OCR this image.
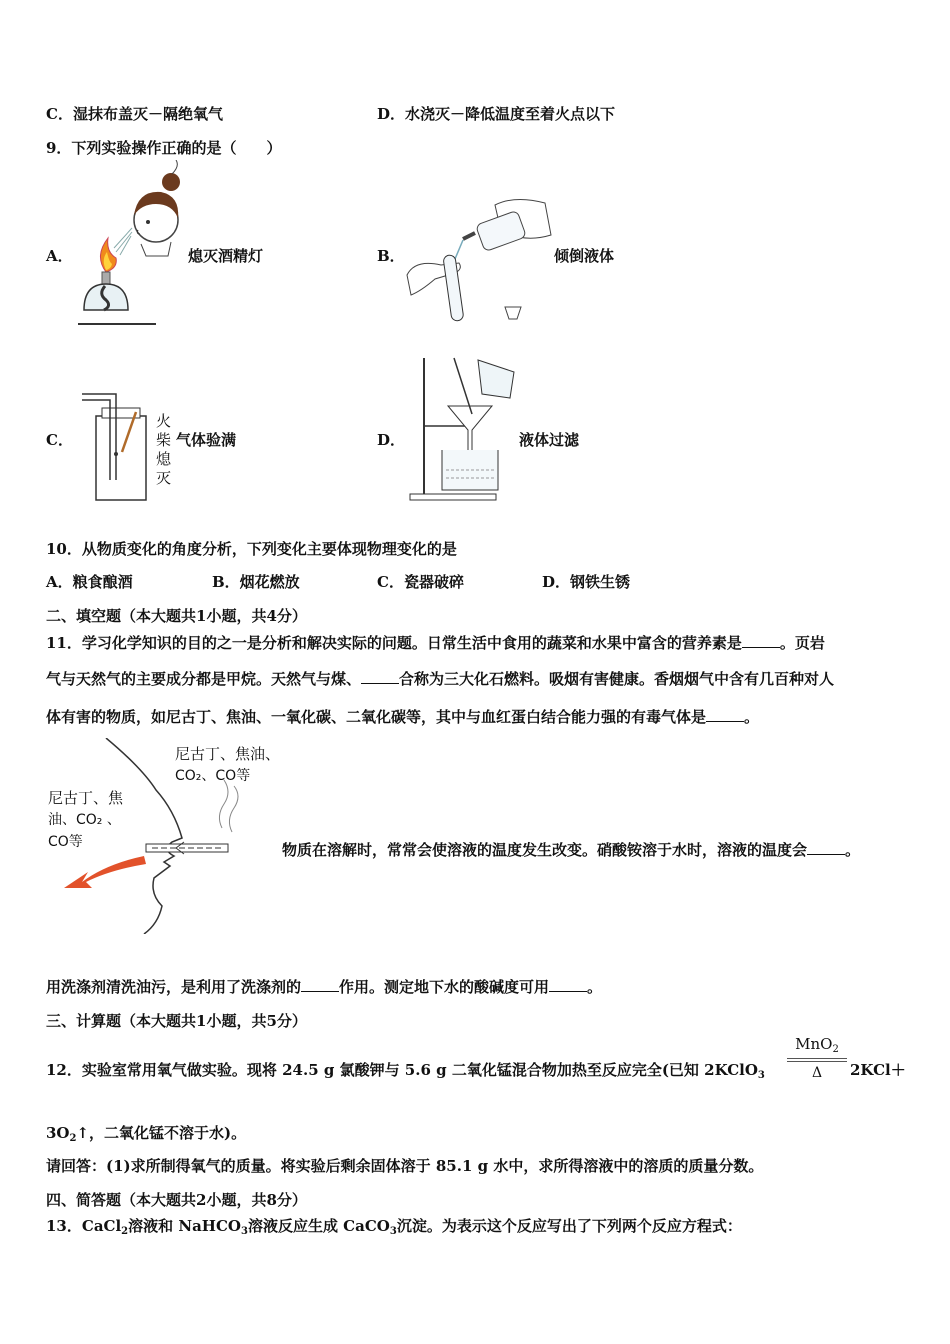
C．湿抹布盖灭－隔绝氧气	D．水浇灭－降低温度至着火点以下
9．下列实验操作正确的是（　　）
A．	熄灭酒精灯	B．	倾倒液体
C．	气体验满
火柴熄灭
D．	液体过滤
10．从物质变化的角度分析，下列变化主要体现物理变化的是
A．粮食酿酒	B．烟花燃放	C．瓷器破碎	D．钢铁生锈
二、填空题（本大题共1小题，共4分）
11．学习化学知识的目的之一是分析和解决实际的问题。日常生活中食用的蔬菜和水果中富含的营养素是	。页岩
气与天然气的主要成分都是甲烷。天然气与煤、	合称为三大化石燃料。吸烟有害健康。香烟烟气中含有几百种对人
体有害的物质，如尼古丁、焦油、一氧化碳、二氧化碳等，其中与血红蛋白结合能力强的有毒气体是	。
尼古丁、焦油、
CO₂、CO等
尼古丁、焦
油、CO₂ 、
CO等	物质在溶解时，常常会使溶液的温度发生改变。硝酸铵溶于水时，溶液的温度会	。
用洗涤剂清洗油污，是利用了洗涤剂的	作用。测定地下水的酸碱度可用	。
三、计算题（本大题共1小题，共5分）
12．实验室常用氧气做实验。现将 24.5 g 氯酸钾与 5.6 g 二氧化锰混合物加热至反应完全(已知 2KClO$_3$
MnO$_2$
Δ	2KCl＋
$3O_2↑$，二氧化锰不溶于水)。
请回答：(1)求所制得氧气的质量。将实验后剩余固体溶于 85.1 g 水中，求所得溶液中的溶质的质量分数。
四、简答题（本大题共2小题，共8分）
13．CaCl$_2$溶液和 NaHCO$_3$溶液反应生成 CaCO$_3$沉淀。为表示这个反应写出了下列两个反应方程式：
